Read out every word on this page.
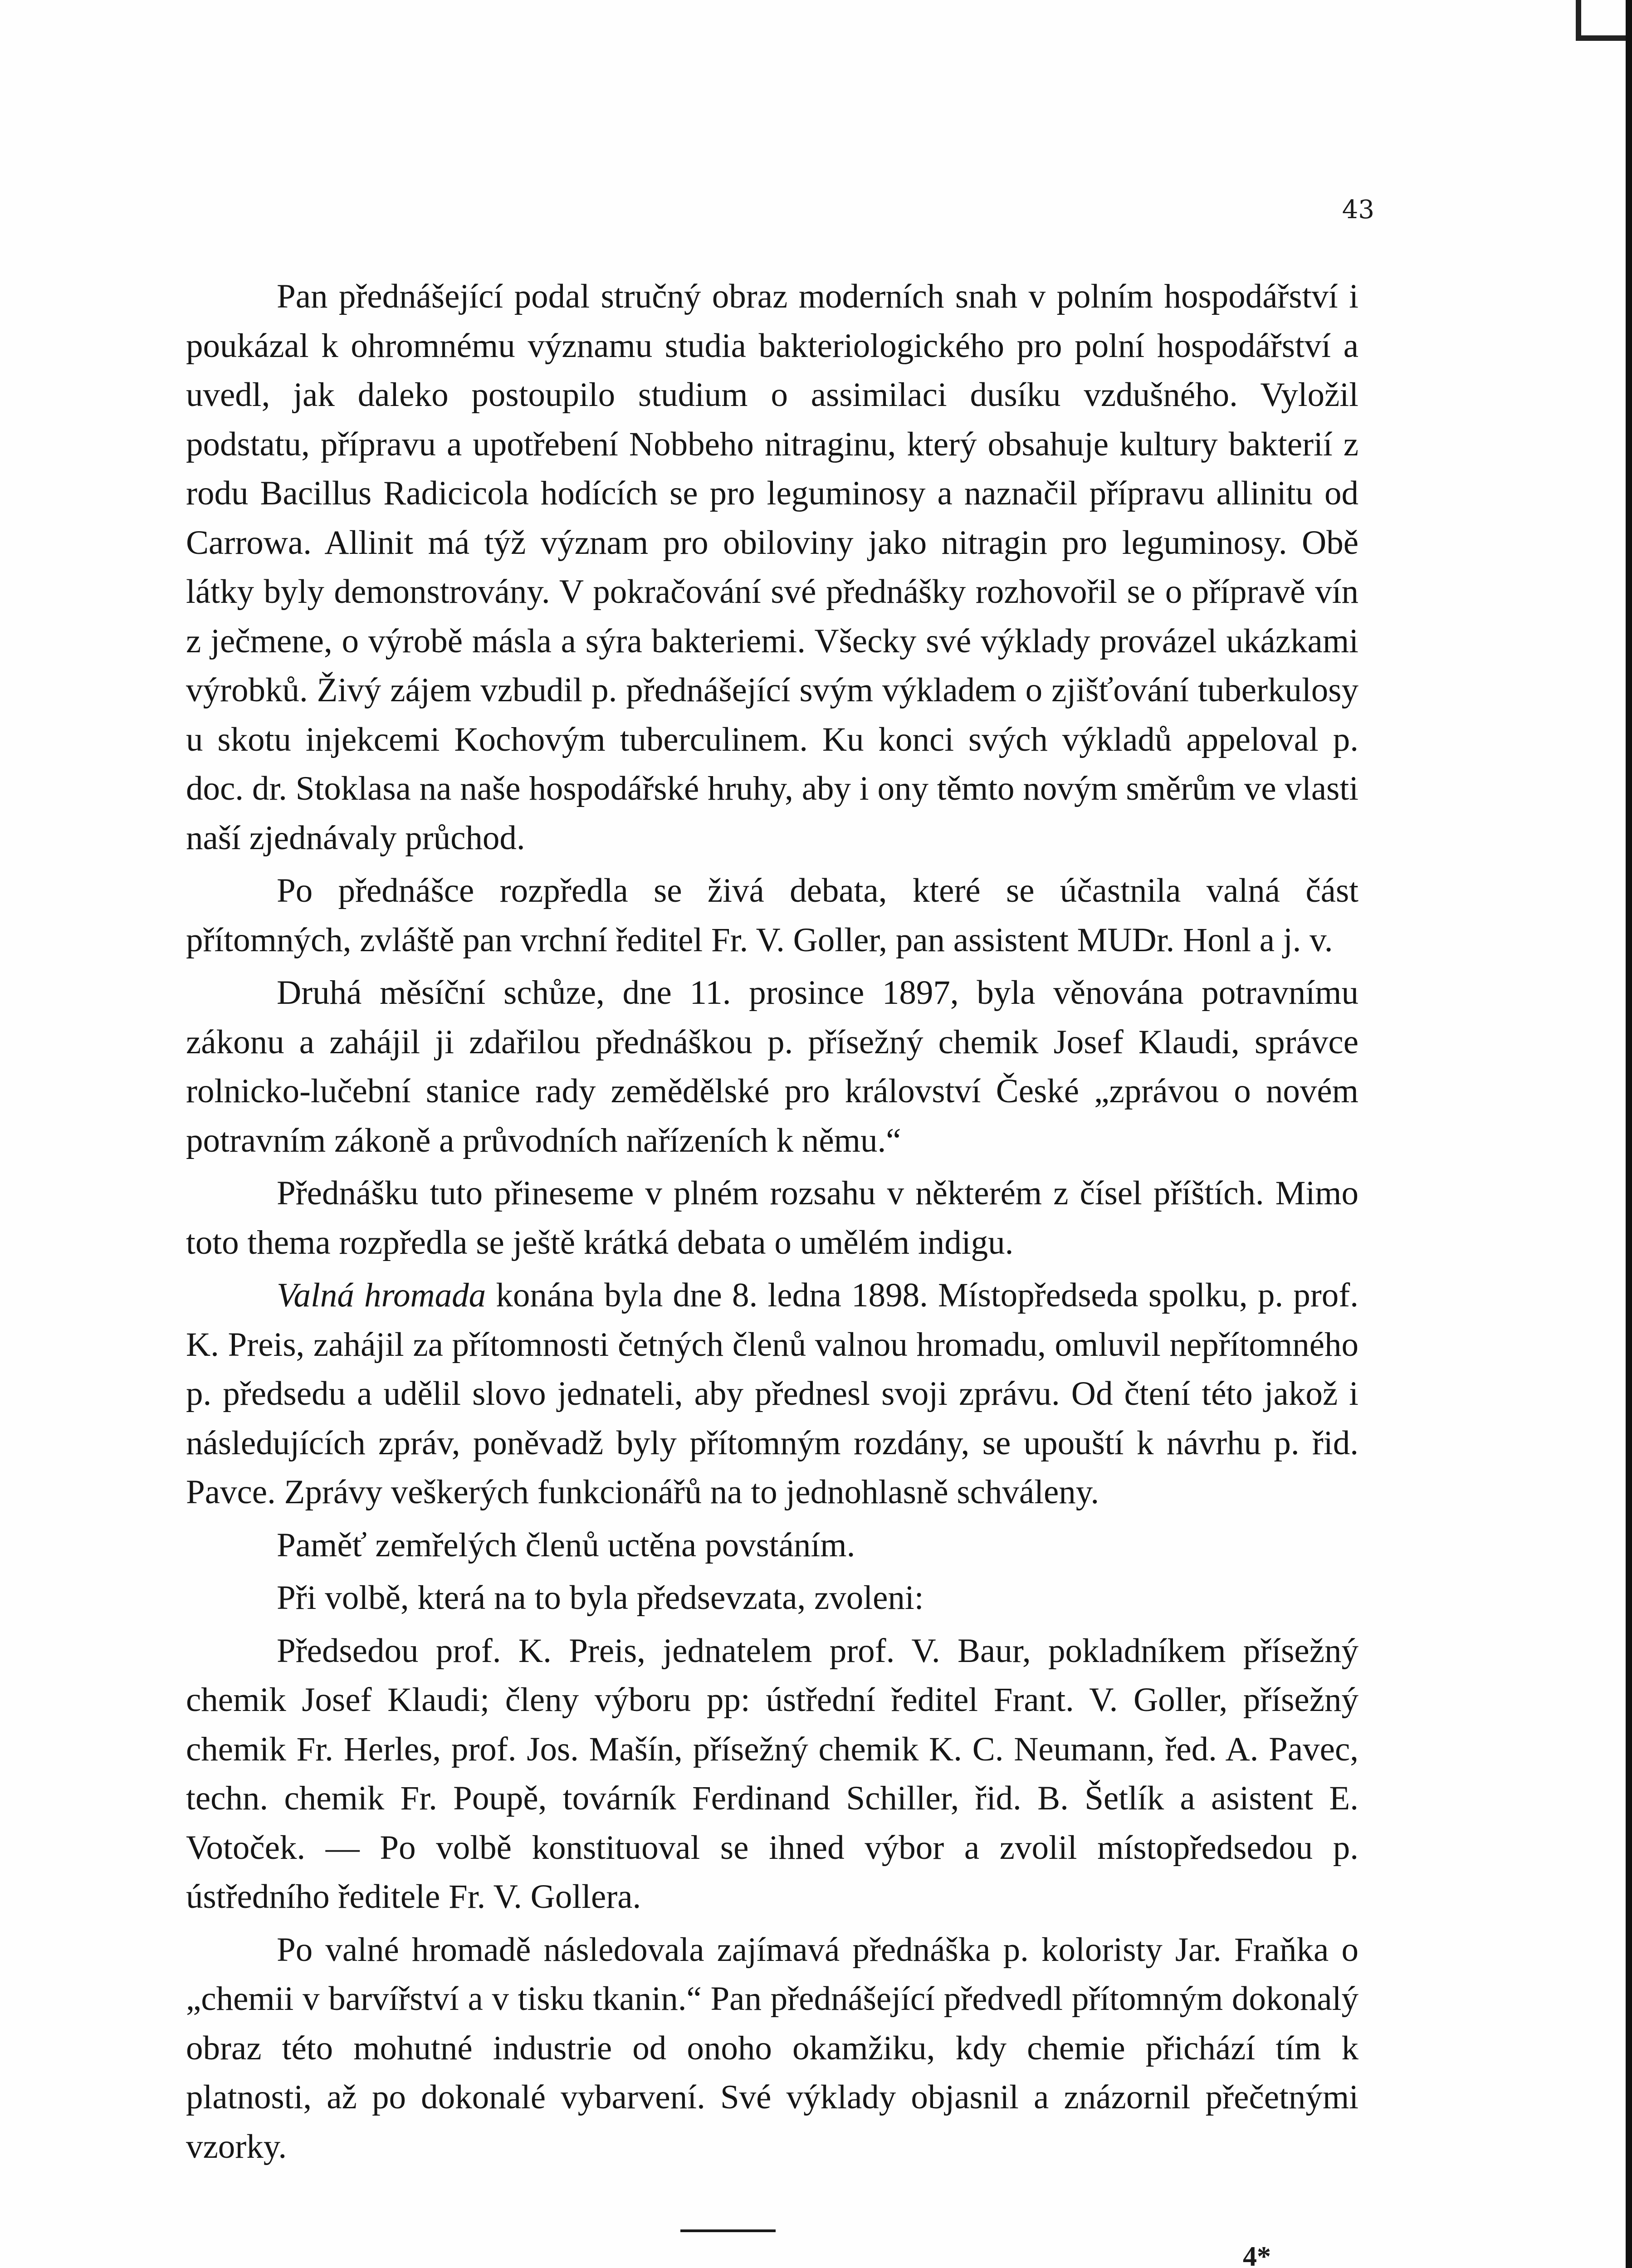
43

Pan přednášející podal stručný obraz moderních snah v polním hospodářství i poukázal k ohromnému významu studia bakteriologického pro polní hospodářství a uvedl, jak daleko postoupilo studium o assimilaci dusíku vzdušného. Vyložil podstatu, přípravu a upotřebení Nobbeho nitraginu, který obsahuje kultury bakterií z rodu Bacillus Radicicola hodících se pro leguminosy a naznačil přípravu allinitu od Carrowa. Allinit má týž význam pro obiloviny jako nitragin pro leguminosy. Obě látky byly demonstrovány. V pokračování své přednášky rozhovořil se o přípravě vín z ječmene, o výrobě másla a sýra bakteriemi. Všecky své výklady provázel ukázkami výrobků. Živý zájem vzbudil p. přednášející svým výkladem o zjišťování tuberkulosy u skotu injekcemi Kochovým tuberculinem. Ku konci svých výkladů appeloval p. doc. dr. Stoklasa na naše hospodářské hruhy, aby i ony těmto novým směrům ve vlasti naší zjednávaly průchod.

Po přednášce rozpředla se živá debata, které se účastnila valná část přítomných, zvláště pan vrchní ředitel Fr. V. Goller, pan assistent MUDr. Honl a j. v.

Druhá měsíční schůze, dne 11. prosince 1897, byla věnována potravnímu zákonu a zahájil ji zdařilou přednáškou p. přísežný chemik Josef Klaudi, správce rolnicko-lučební stanice rady zemědělské pro království České „zprávou o novém potravním zákoně a průvodních nařízeních k němu.“

Přednášku tuto přineseme v plném rozsahu v některém z čísel příštích. Mimo toto thema rozpředla se ještě krátká debata o umělém indigu.

Valná hromada konána byla dne 8. ledna 1898. Místopředseda spolku, p. prof. K. Preis, zahájil za přítomnosti četných členů valnou hromadu, omluvil nepřítomného p. předsedu a udělil slovo jednateli, aby přednesl svoji zprávu. Od čtení této jakož i následujících zpráv, poněvadž byly přítomným rozdány, se upouští k návrhu p. řid. Pavce. Zprávy veškerých funkcionářů na to jednohlasně schváleny.

Paměť zemřelých členů uctěna povstáním.

Při volbě, která na to byla předsevzata, zvoleni:

Předsedou prof. K. Preis, jednatelem prof. V. Baur, pokladníkem přísežný chemik Josef Klaudi; členy výboru pp: ústřední ředitel Frant. V. Goller, přísežný chemik Fr. Herles, prof. Jos. Mašín, přísežný chemik K. C. Neumann, řed. A. Pavec, techn. chemik Fr. Poupě, továrník Ferdinand Schiller, řid. B. Šetlík a asistent E. Votoček. — Po volbě konstituoval se ihned výbor a zvolil místopředsedou p. ústředního ředitele Fr. V. Gollera.

Po valné hromadě následovala zajímavá přednáška p. koloristy Jar. Fraňka o „chemii v barvířství a v tisku tkanin.“ Pan přednášející předvedl přítomným dokonalý obraz této mohutné industrie od onoho okamžiku, kdy chemie přichází tím k platnosti, až po dokonalé vybarvení. Své výklady objasnil a znázornil přečetnými vzorky.

4*
